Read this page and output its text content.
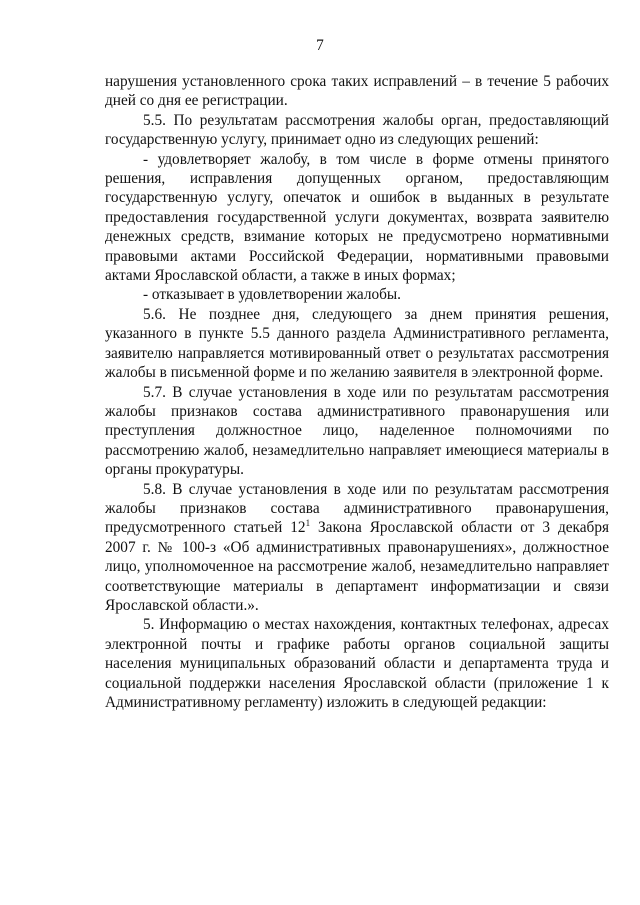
7

нарушения установленного срока таких исправлений – в течение 5 рабочих дней со дня ее регистрации.

5.5. По результатам рассмотрения жалобы орган, предоставляющий государственную услугу, принимает одно из следующих решений:

- удовлетворяет жалобу, в том числе в форме отмены принятого решения, исправления допущенных органом, предоставляющим государственную услугу, опечаток и ошибок в выданных в результате предоставления государственной услуги документах, возврата заявителю денежных средств, взимание которых не предусмотрено нормативными правовыми актами Российской Федерации, нормативными правовыми актами Ярославской области, а также в иных формах;

- отказывает в удовлетворении жалобы.

5.6. Не позднее дня, следующего за днем принятия решения, указанного в пункте 5.5 данного раздела Административного регламента, заявителю направляется мотивированный ответ о результатах рассмотрения жалобы в письменной форме и по желанию заявителя в электронной форме.

5.7. В случае установления в ходе или по результатам рассмотрения жалобы признаков состава административного правонарушения или преступления должностное лицо, наделенное полномочиями по рассмотрению жалоб, незамедлительно направляет имеющиеся материалы в органы прокуратуры.

5.8. В случае установления в ходе или по результатам рассмотрения жалобы признаков состава административного правонарушения, предусмотренного статьей $12^1$ Закона Ярославской области от 3 декабря 2007 г. № 100-з «Об административных правонарушениях», должностное лицо, уполномоченное на рассмотрение жалоб, незамедлительно направляет соответствующие материалы в департамент информатизации и связи Ярославской области.».

5. Информацию о местах нахождения, контактных телефонах, адресах электронной почты и графике работы органов социальной защиты населения муниципальных образований области и департамента труда и социальной поддержки населения Ярославской области (приложение 1 к Административному регламенту) изложить в следующей редакции:
